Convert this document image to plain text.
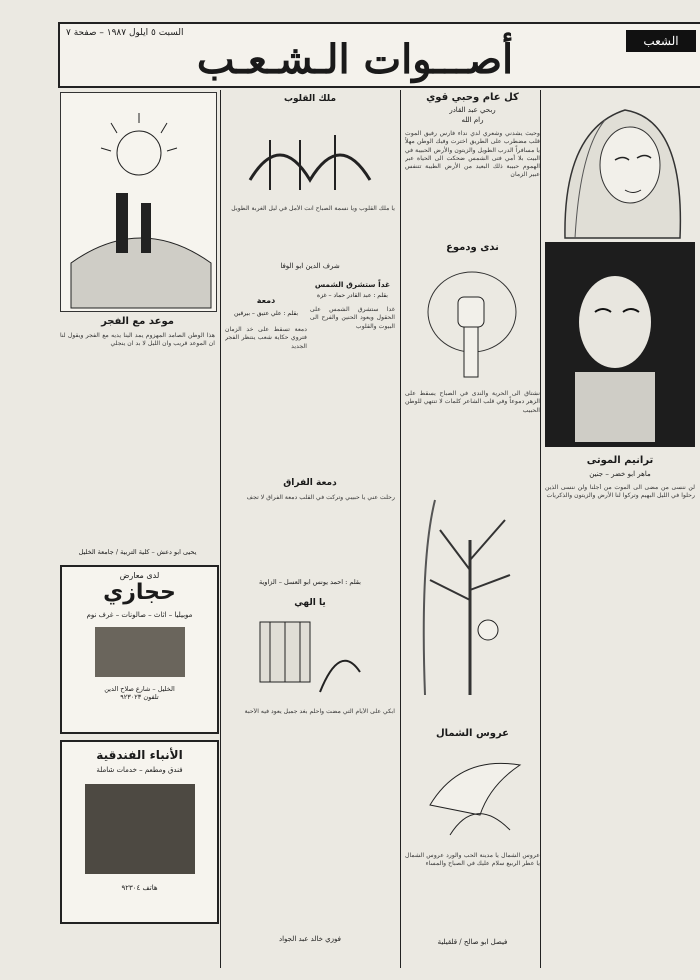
السبت ٥ ايلول ١٩٨٧ – صفحة ٧
أصـــوات الـشـعـب	الشعب
كل عام وحبي قوي
ربحي عبد القادر
رام الله
وحيث يشدني وشعري لدي نداء فارس رفيق الموت قلب مضطرب على الطريق اخترت وفيك الوطن مهلاً يا مسافراً الدرب الطويل والزيتون والأرض الحبيبة في البيت بلا أمي فتى الشمس ضحكت الى الحياة عبر الهموم حبيبة ذلك البعيد من الأرض الطيبة تتنفس عبير الزمان
ندى ودموع
نشتاق الى الحرية والندى في الصباح يسقط على الزهر دموعاً وفي قلب الشاعر كلمات لا تنتهي للوطن الحبيب
ترانيم الموتى
ماهر ابو خضر – جنين
لن ننسى من مضى الى الموت من أجلنا ولن ننسى الذين رحلوا في الليل البهيم وتركوا لنا الأرض والزيتون والذكريات
عروس الشمال
عروس الشمال يا مدينة الحب والورد عروس الشمال يا عطر الربيع سلام عليك في الصباح والمساء
فيصل ابو صالح / قلقيلية
ملك القلوب
يا ملك القلوب ويا نسمة الصباح انت الأمل في ليل الغربة الطويل
شرف الدين ابو الوفا
غداً ستشرق الشمس
بقلم : عبد القادر حماد – غزة
غداً ستشرق الشمس على الحقول ويعود الحنين والفرح الى البيوت والقلوب
دمعة
بقلم : علي عتيق – بيرقين
دمعة تسقط على خد الزمان فتروي حكاية شعب ينتظر الفجر الجديد
دمعة الفراق
رحلت عني يا حبيبي وتركت في القلب دمعة الفراق لا تجف
بقلم : احمد يونس ابو العسل – الزاوية
يا الهي
ابكي على الأيام التي مضت واحلم بغد جميل يعود فيه الأحبة
فوزي خالد عبد الجواد
موعد مع الفجر
هذا الوطن الصامد المهزوم يمد الينا يديه مع الفجر ويقول لنا ان الموعد قريب وان الليل لا بد ان ينجلي
يحيى ابو دعش – كلية التربية / جامعة الخليل
لدى معارض
حجازي
موبيليا – اثاث – صالونات – غرف نوم
الخليل – شارع صلاح الدين
تلفون ٩٢٣٠٢٣
الأنباء الفندقية
فندق ومطعم – خدمات شاملة
هاتف ٩٢٣٠٤
